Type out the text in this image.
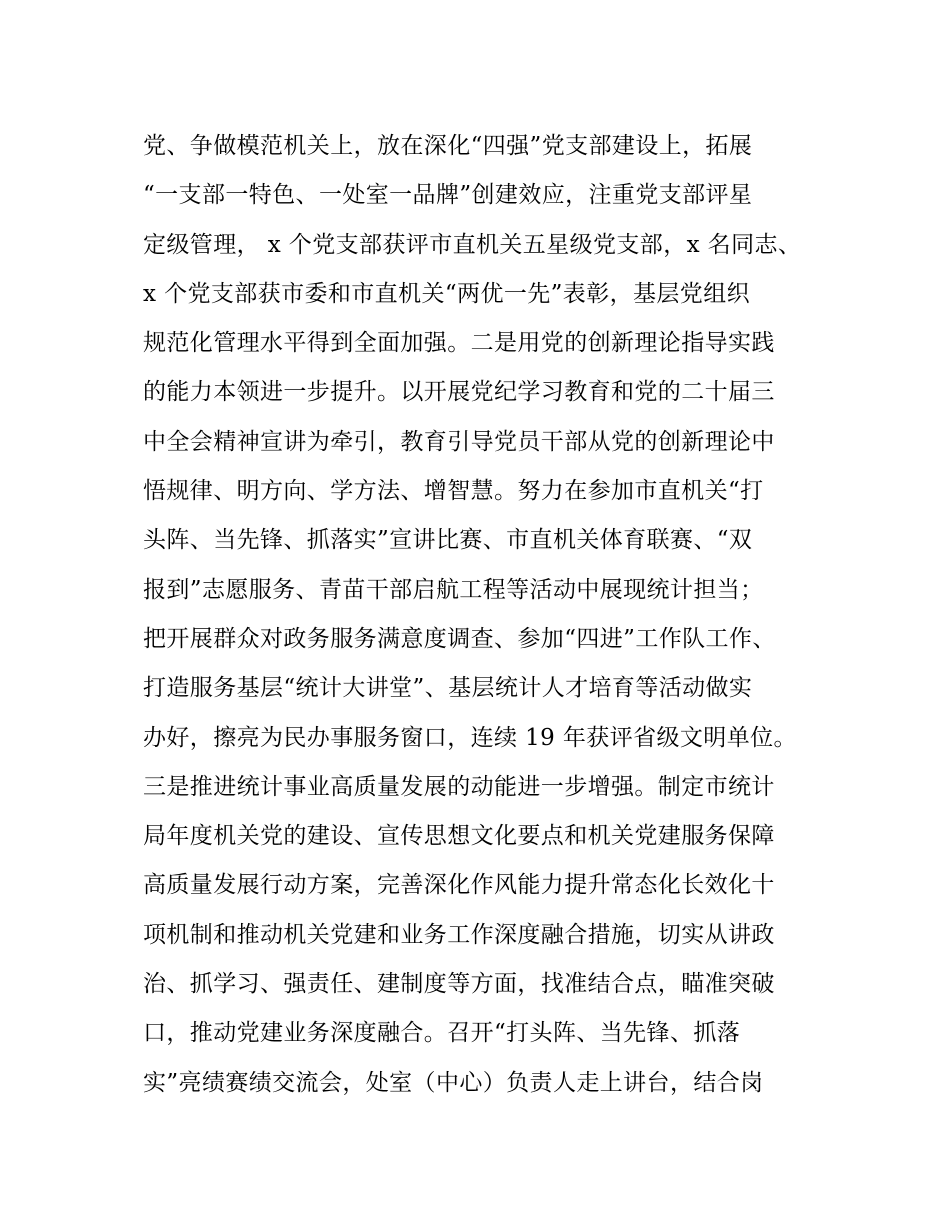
党、争做模范机关上，放在深化“四强”党支部建设上，拓展
“一支部一特色、一处室一品牌”创建效应，注重党支部评星
定级管理， x 个党支部获评市直机关五星级党支部，x 名同志、
x 个党支部获市委和市直机关“两优一先”表彰，基层党组织
规范化管理水平得到全面加强。二是用党的创新理论指导实践
的能力本领进一步提升。以开展党纪学习教育和党的二十届三
中全会精神宣讲为牵引，教育引导党员干部从党的创新理论中
悟规律、明方向、学方法、增智慧。努力在参加市直机关“打
头阵、当先锋、抓落实”宣讲比赛、市直机关体育联赛、“双
报到”志愿服务、青苗干部启航工程等活动中展现统计担当；
把开展群众对政务服务满意度调查、参加“四进”工作队工作、
打造服务基层“统计大讲堂”、基层统计人才培育等活动做实
办好，擦亮为民办事服务窗口，连续 19 年获评省级文明单位。
三是推进统计事业高质量发展的动能进一步增强。制定市统计
局年度机关党的建设、宣传思想文化要点和机关党建服务保障
高质量发展行动方案，完善深化作风能力提升常态化长效化十
项机制和推动机关党建和业务工作深度融合措施，切实从讲政
治、抓学习、强责任、建制度等方面，找准结合点，瞄准突破
口，推动党建业务深度融合。召开“打头阵、当先锋、抓落
实”亮绩赛绩交流会，处室（中心）负责人走上讲台，结合岗
